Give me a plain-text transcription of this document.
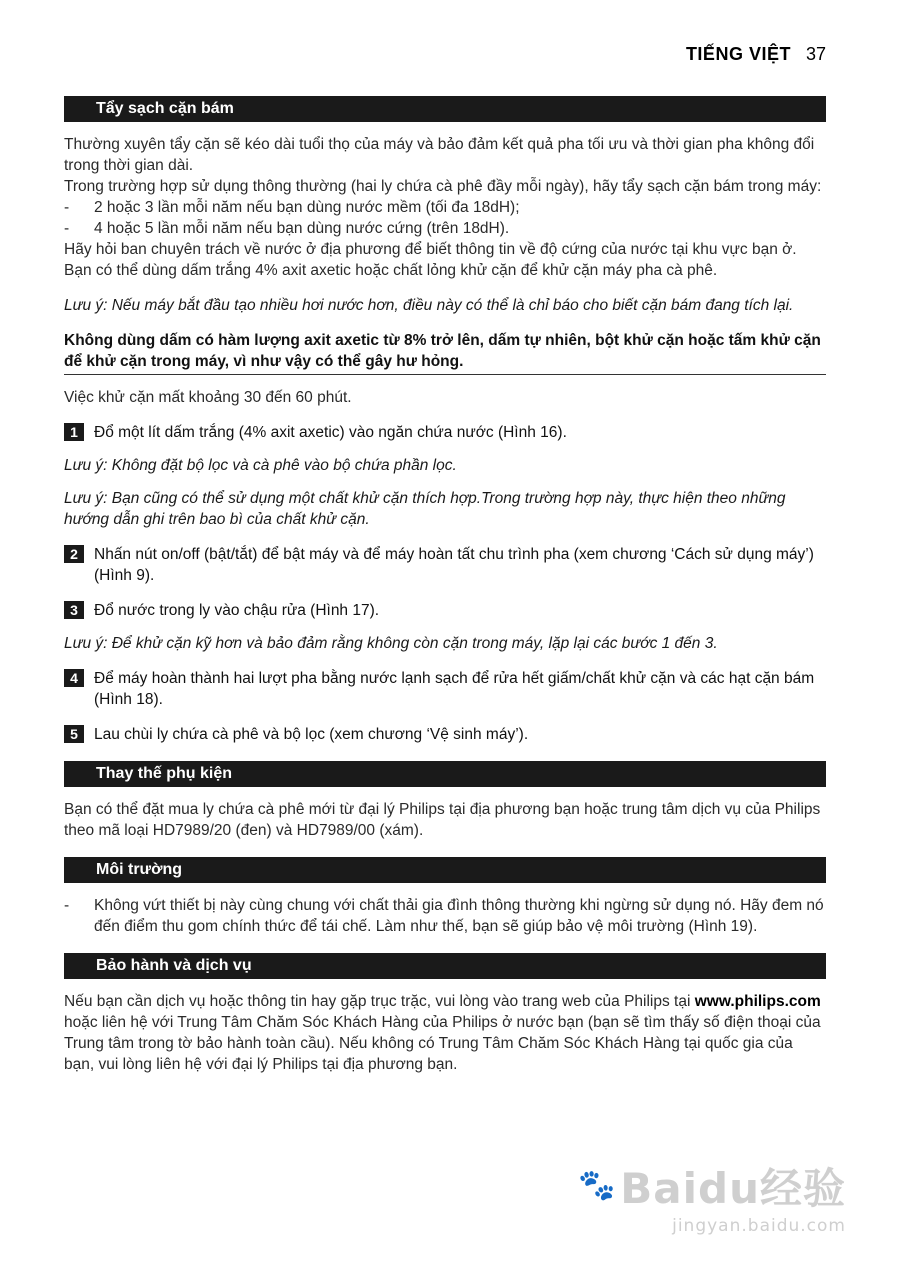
TIẾNG VIỆT 37
Tẩy sạch cặn bám

Thường xuyên tẩy cặn sẽ kéo dài tuổi thọ của máy và bảo đảm kết quả pha tối ưu và thời gian pha không đổi trong thời gian dài.

Trong trường hợp sử dụng thông thường (hai ly chứa cà phê đầy mỗi ngày), hãy tẩy sạch cặn bám trong máy:

- 2 hoặc 3 lần mỗi năm nếu bạn dùng nước mềm (tối đa 18dH);
- 4 hoặc 5 lần mỗi năm nếu bạn dùng nước cứng (trên 18dH).

Hãy hỏi ban chuyên trách về nước ở địa phương để biết thông tin về độ cứng của nước tại khu vực bạn ở.

Bạn có thể dùng dấm trắng 4% axit axetic hoặc chất lỏng khử cặn để khử cặn máy pha cà phê.

Lưu ý: Nếu máy bắt đầu tạo nhiều hơi nước hơn, điều này có thể là chỉ báo cho biết cặn bám đang tích lại.

Không dùng dấm có hàm lượng axit axetic từ 8% trở lên, dấm tự nhiên, bột khử cặn hoặc tấm khử cặn để khử cặn trong máy, vì như vậy có thể gây hư hỏng.

Việc khử cặn mất khoảng 30 đến 60 phút.

1	Đổ một lít dấm trắng (4% axit axetic) vào ngăn chứa nước (Hình 16).

Lưu ý: Không đặt bộ lọc và cà phê vào bộ chứa phần lọc.

Lưu ý: Bạn cũng có thể sử dụng một chất khử cặn thích hợp.Trong trường hợp này, thực hiện theo những hướng dẫn ghi trên bao bì của chất khử cặn.

2	Nhấn nút on/off (bật/tắt) để bật máy và để máy hoàn tất chu trình pha (xem chương ‘Cách sử dụng máy’) (Hình 9).
3	Đổ nước trong ly vào chậu rửa (Hình 17).

Lưu ý: Để khử cặn kỹ hơn và bảo đảm rằng không còn cặn trong máy, lặp lại các bước 1 đến 3.

4	Để máy hoàn thành hai lượt pha bằng nước lạnh sạch để rửa hết giấm/chất khử cặn và các hạt cặn bám (Hình 18).
5	Lau chùi ly chứa cà phê và bộ lọc (xem chương ‘Vệ sinh máy’).
Thay thế phụ kiện

Bạn có thể đặt mua ly chứa cà phê mới từ đại lý Philips tại địa phương bạn hoặc trung tâm dịch vụ của Philips theo mã loại HD7989/20 (đen) và HD7989/00 (xám).

Môi trường
- Không vứt thiết bị này cùng chung với chất thải gia đình thông thường khi ngừng sử dụng nó. Hãy đem nó đến điểm thu gom chính thức để tái chế. Làm như thế, bạn sẽ giúp bảo vệ môi trường (Hình 19).
Bảo hành và dịch vụ

Nếu bạn cần dịch vụ hoặc thông tin hay gặp trục trặc, vui lòng vào trang web của Philips tại www.philips.com hoặc liên hệ với Trung Tâm Chăm Sóc Khách Hàng của Philips ở nước bạn (bạn sẽ tìm thấy số điện thoại của Trung tâm trong tờ bảo hành toàn cầu). Nếu không có Trung Tâm Chăm Sóc Khách Hàng tại quốc gia của bạn, vui lòng liên hệ với đại lý Philips tại địa phương bạn.

🐾 Baidu经验
jingyan.baidu.com
